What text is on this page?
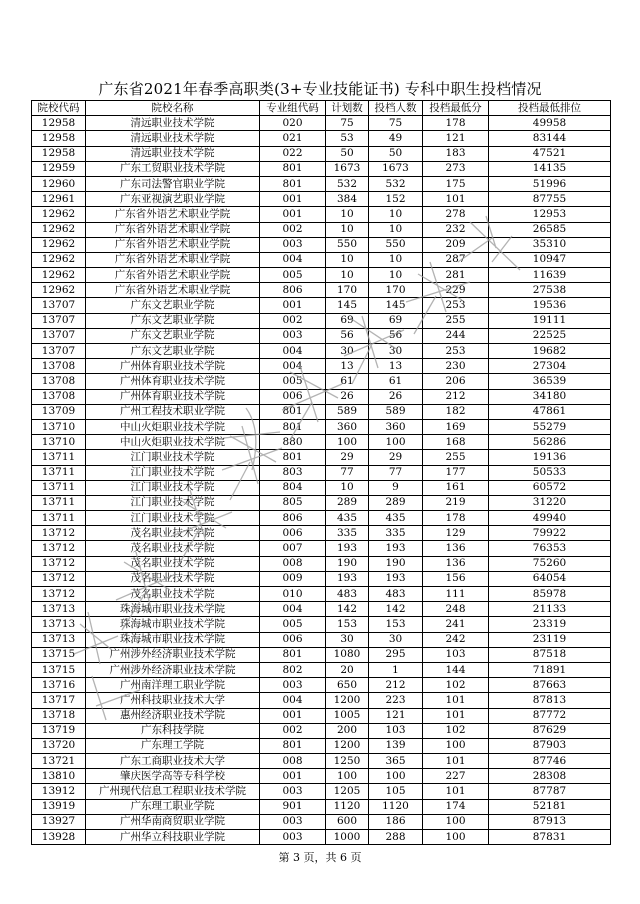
广东省2021年春季高职类(3+专业技能证书) 专科中职生投档情况
院校代码	院校名称	专业组代码	计划数	投档人数	投档最低分	投档最低排位
12958	清远职业技术学院	020	75	75	178	49958
12958	清远职业技术学院	021	53	49	121	83144
12958	清远职业技术学院	022	50	50	183	47521
12959	广东工贸职业技术学院	801	1673	1673	273	14135
12960	广东司法警官职业学院	801	532	532	175	51996
12961	广东亚视演艺职业学院	001	384	152	101	87755
12962	广东省外语艺术职业学院	001	10	10	278	12953
12962	广东省外语艺术职业学院	002	10	10	232	26585
12962	广东省外语艺术职业学院	003	550	550	209	35310
12962	广东省外语艺术职业学院	004	10	10	287	10947
12962	广东省外语艺术职业学院	005	10	10	281	11639
12962	广东省外语艺术职业学院	806	170	170	229	27538
13707	广东文艺职业学院	001	145	145	253	19536
13707	广东文艺职业学院	002	69	69	255	19111
13707	广东文艺职业学院	003	56	56	244	22525
13707	广东文艺职业学院	004	30	30	253	19682
13708	广州体育职业技术学院	004	13	13	230	27304
13708	广州体育职业技术学院	005	61	61	206	36539
13708	广州体育职业技术学院	006	26	26	212	34180
13709	广州工程技术职业学院	801	589	589	182	47861
13710	中山火炬职业技术学院	801	360	360	169	55279
13710	中山火炬职业技术学院	880	100	100	168	56286
13711	江门职业技术学院	801	29	29	255	19136
13711	江门职业技术学院	803	77	77	177	50533
13711	江门职业技术学院	804	10	9	161	60572
13711	江门职业技术学院	805	289	289	219	31220
13711	江门职业技术学院	806	435	435	178	49940
13712	茂名职业技术学院	006	335	335	129	79922
13712	茂名职业技术学院	007	193	193	136	76353
13712	茂名职业技术学院	008	190	190	136	75260
13712	茂名职业技术学院	009	193	193	156	64054
13712	茂名职业技术学院	010	483	483	111	85978
13713	珠海城市职业技术学院	004	142	142	248	21133
13713	珠海城市职业技术学院	005	153	153	241	23319
13713	珠海城市职业技术学院	006	30	30	242	23119
13715	广州涉外经济职业技术学院	801	1080	295	103	87518
13715	广州涉外经济职业技术学院	802	20	1	144	71891
13716	广州南洋理工职业学院	003	650	212	102	87663
13717	广州科技职业技术大学	004	1200	223	101	87813
13718	惠州经济职业技术学院	001	1005	121	101	87772
13719	广东科技学院	002	200	103	102	87629
13720	广东理工学院	801	1200	139	100	87903
13721	广东工商职业技术大学	008	1250	365	101	87746
13810	肇庆医学高等专科学校	001	100	100	227	28308
13912	广州现代信息工程职业技术学院	003	1205	105	101	87787
13919	广东理工职业学院	901	1120	1120	174	52181
13927	广州华南商贸职业学院	003	600	186	100	87913
13928	广州华立科技职业学院	003	1000	288	100	87831
第 3 页，共 6 页
